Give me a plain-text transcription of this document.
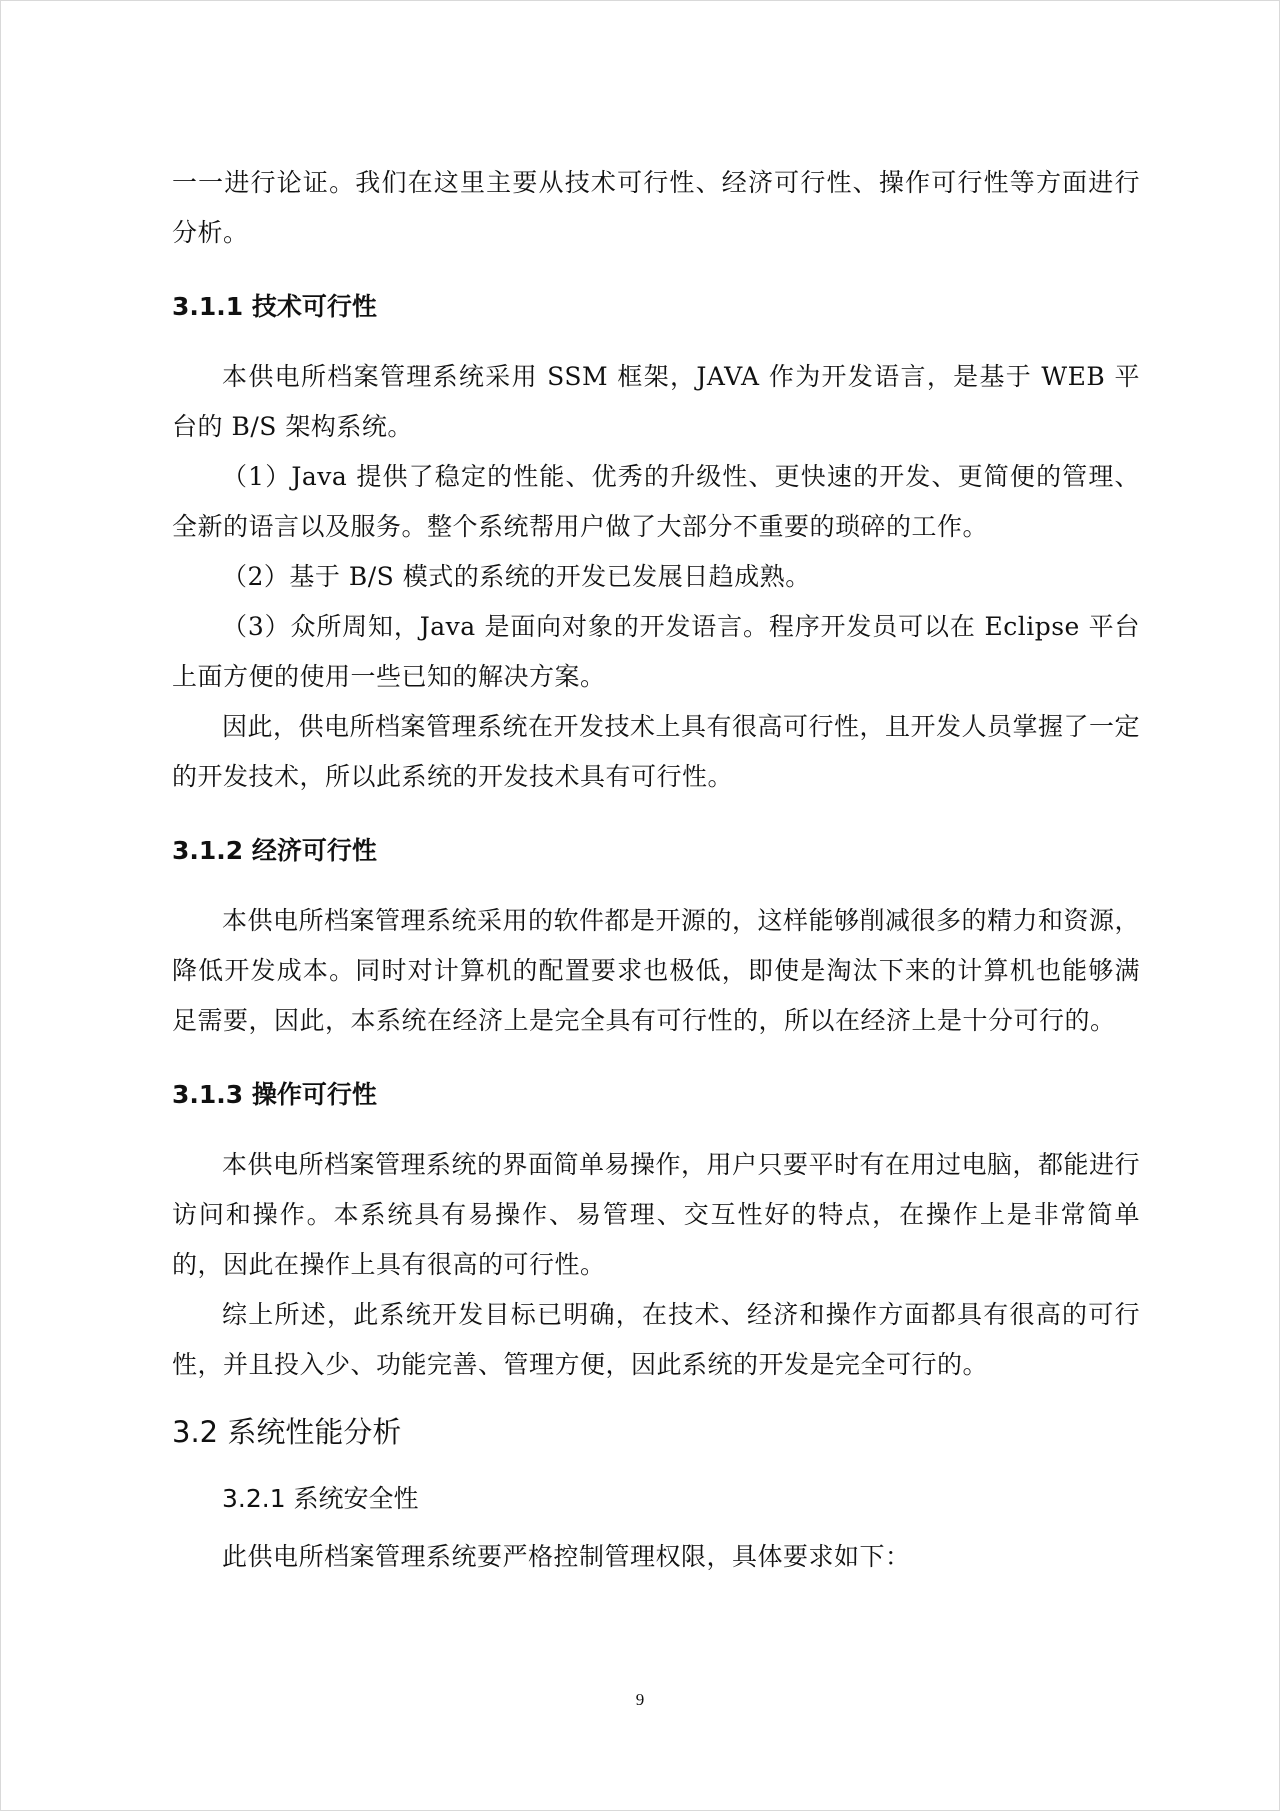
一一进行论证。我们在这里主要从技术可行性、经济可行性、操作可行性等方面进行分析。

3.1.1 技术可行性

本供电所档案管理系统采用 SSM 框架，JAVA 作为开发语言，是基于 WEB 平台的 B/S 架构系统。

（1）Java 提供了稳定的性能、优秀的升级性、更快速的开发、更简便的管理、全新的语言以及服务。整个系统帮用户做了大部分不重要的琐碎的工作。

（2）基于 B/S 模式的系统的开发已发展日趋成熟。

（3）众所周知，Java 是面向对象的开发语言。程序开发员可以在 Eclipse 平台上面方便的使用一些已知的解决方案。

因此，供电所档案管理系统在开发技术上具有很高可行性，且开发人员掌握了一定的开发技术，所以此系统的开发技术具有可行性。

3.1.2 经济可行性

本供电所档案管理系统采用的软件都是开源的，这样能够削减很多的精力和资源，降低开发成本。同时对计算机的配置要求也极低，即使是淘汰下来的计算机也能够满足需要，因此，本系统在经济上是完全具有可行性的，所以在经济上是十分可行的。

3.1.3 操作可行性

本供电所档案管理系统的界面简单易操作，用户只要平时有在用过电脑，都能进行访问和操作。本系统具有易操作、易管理、交互性好的特点，在操作上是非常简单的，因此在操作上具有很高的可行性。

综上所述，此系统开发目标已明确，在技术、经济和操作方面都具有很高的可行性，并且投入少、功能完善、管理方便，因此系统的开发是完全可行的。

3.2 系统性能分析
3.2.1 系统安全性

此供电所档案管理系统要严格控制管理权限，具体要求如下：

9
